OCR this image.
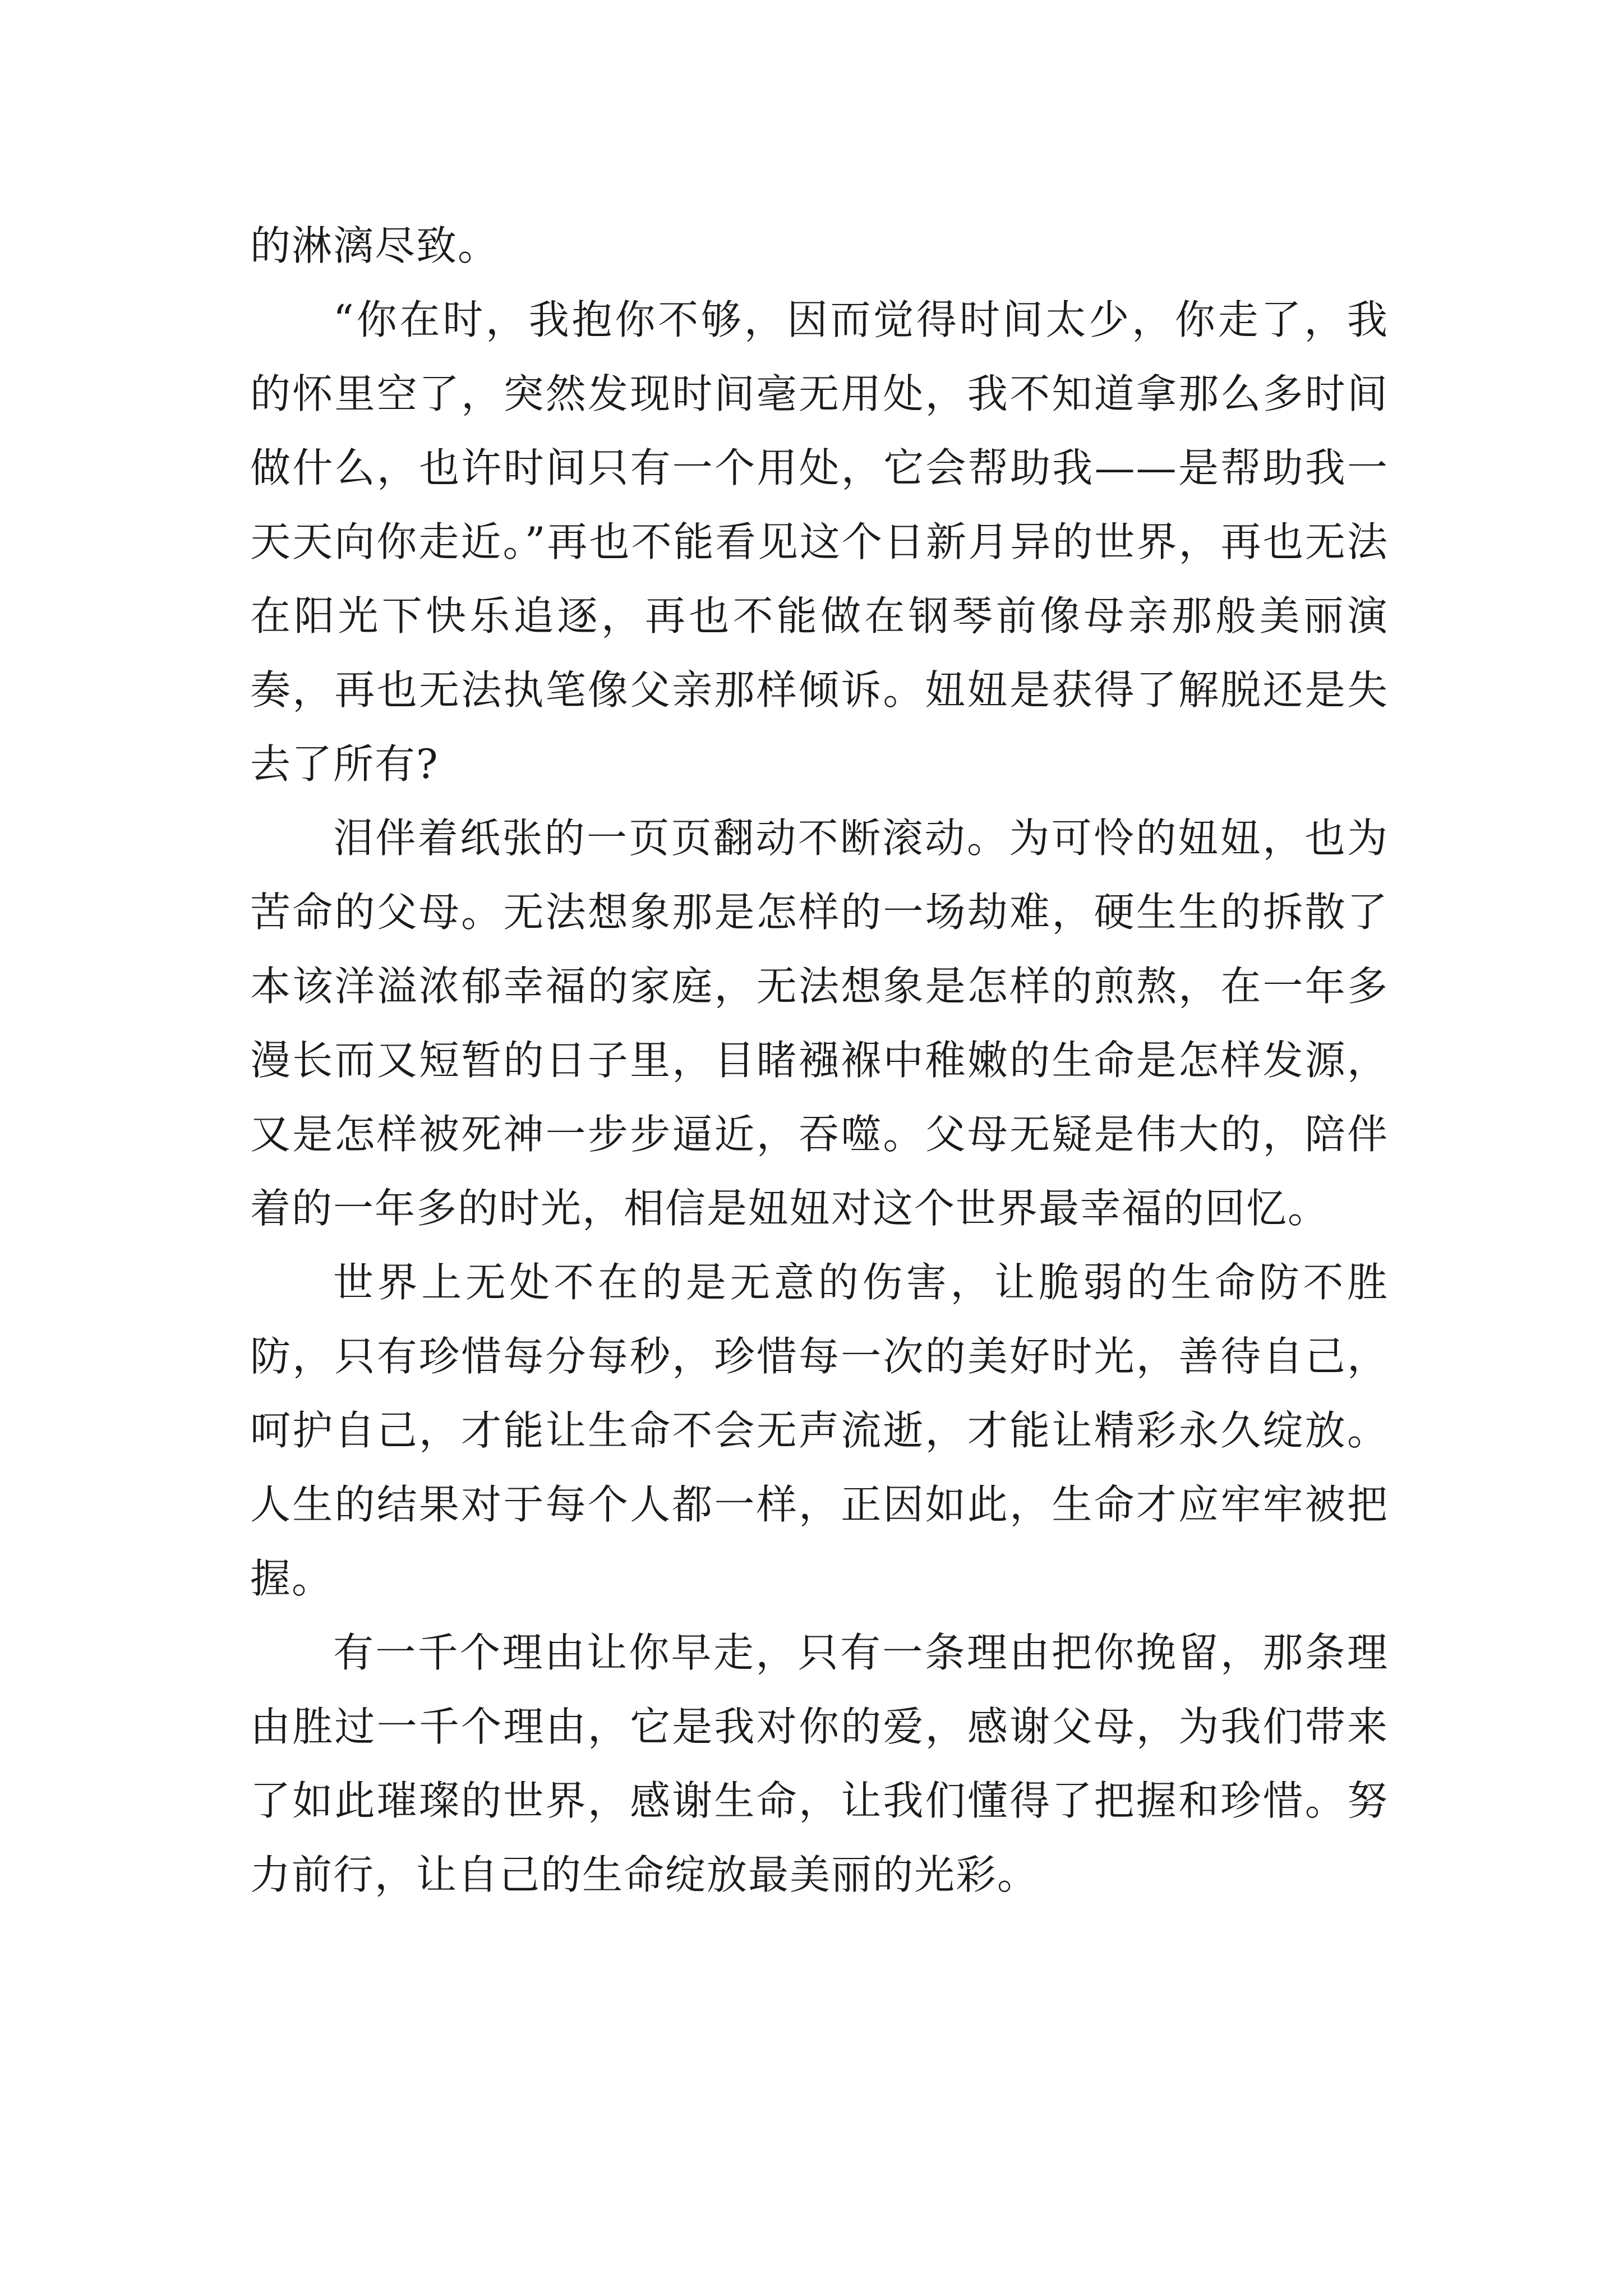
的淋漓尽致。

“你在时，我抱你不够，因而觉得时间太少，你走了，我的怀里空了，突然发现时间毫无用处，我不知道拿那么多时间做什么，也许时间只有一个用处，它会帮助我——是帮助我一天天向你走近。”再也不能看见这个日新月异的世界，再也无法在阳光下快乐追逐，再也不能做在钢琴前像母亲那般美丽演奏，再也无法执笔像父亲那样倾诉。妞妞是获得了解脱还是失去了所有?

泪伴着纸张的一页页翻动不断滚动。为可怜的妞妞，也为苦命的父母。无法想象那是怎样的一场劫难，硬生生的拆散了本该洋溢浓郁幸福的家庭，无法想象是怎样的煎熬，在一年多漫长而又短暂的日子里，目睹襁褓中稚嫩的生命是怎样发源，又是怎样被死神一步步逼近，吞噬。父母无疑是伟大的，陪伴着的一年多的时光，相信是妞妞对这个世界最幸福的回忆。

世界上无处不在的是无意的伤害，让脆弱的生命防不胜防，只有珍惜每分每秒，珍惜每一次的美好时光，善待自己，呵护自己，才能让生命不会无声流逝，才能让精彩永久绽放。人生的结果对于每个人都一样，正因如此，生命才应牢牢被把握。

有一千个理由让你早走，只有一条理由把你挽留，那条理由胜过一千个理由，它是我对你的爱，感谢父母，为我们带来了如此璀璨的世界，感谢生命，让我们懂得了把握和珍惜。努力前行，让自己的生命绽放最美丽的光彩。
